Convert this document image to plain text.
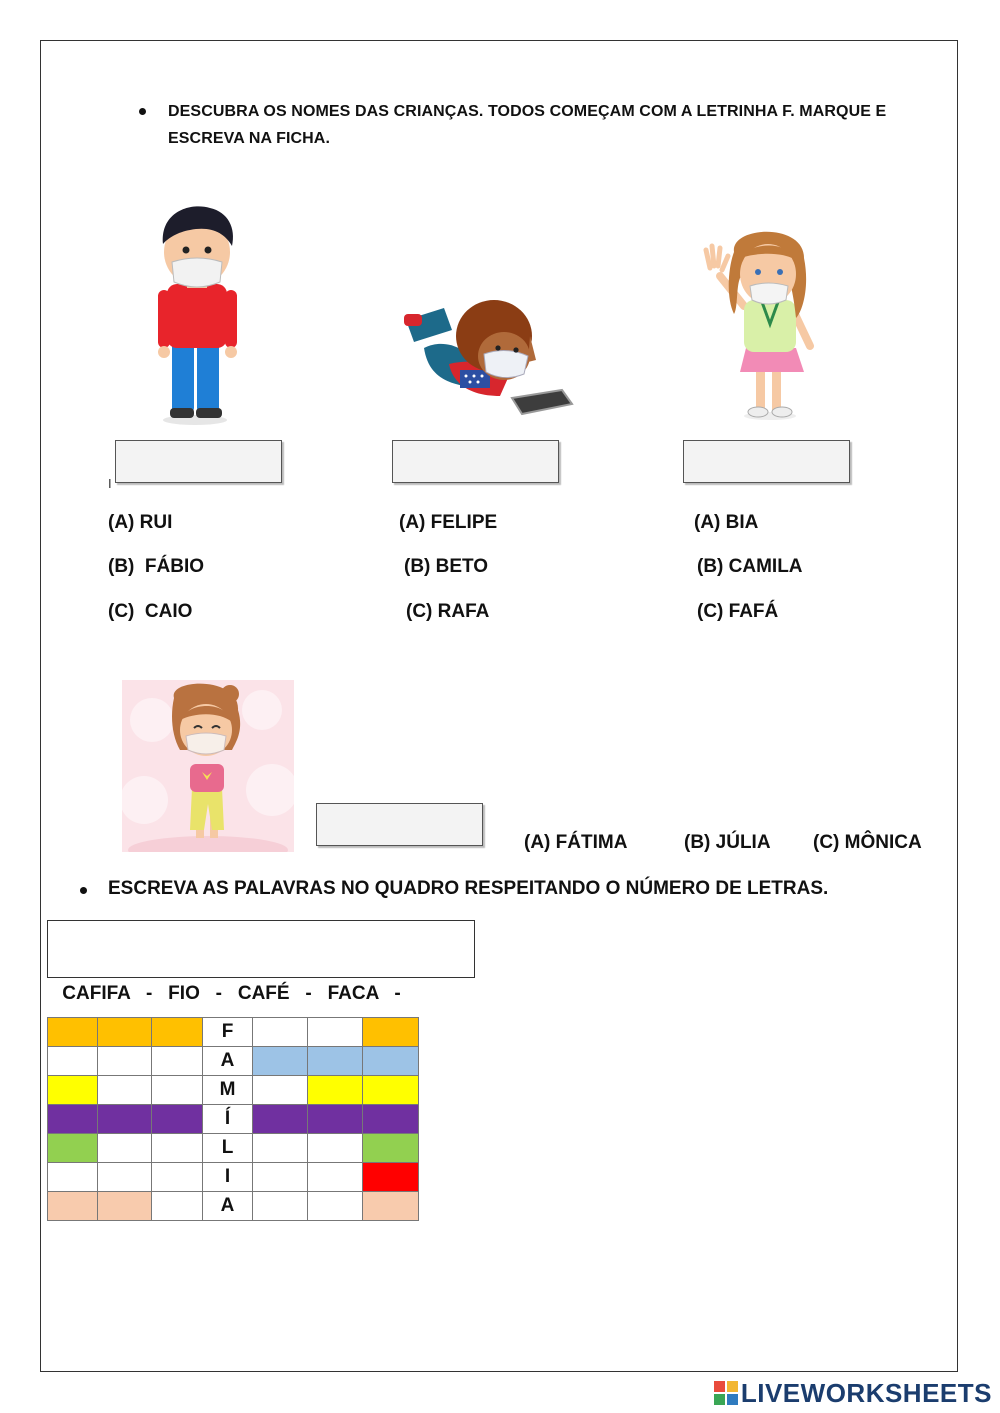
DESCUBRA OS NOMES DAS CRIANÇAS. TODOS COMEÇAM COM A LETRINHA F. MARQUE E
ESCREVA NA FICHA.
I
(A) RUI
(B)  FÁBIO
(C)  CAIO
(A) FELIPE
(B) BETO
(C) RAFA
(A) BIA
(B) CAMILA
(C) FAFÁ
(A) FÁTIMA	(B) JÚLIA (C) MÔNICA
ESCREVA AS PALAVRAS NO QUADRO RESPEITANDO O NÚMERO DE LETRAS.

CAFIFA   -   FIO   -   CAFÉ   -   FACA   -

			F			
			A			
			M			
			Í			
			L			
			I			
			A			
LIVEWORKSHEETS
